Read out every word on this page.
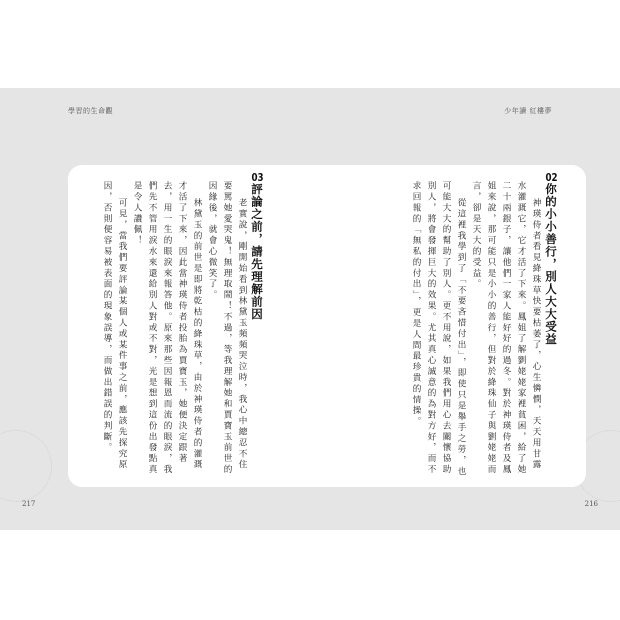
學習的生命觀	少年讀 紅樓夢
02你的小小善行，別人大大受益

神瑛侍者看見絳珠草快要枯萎了，心生憐憫，天天用甘露水灌溉它，它才活了下來。鳳姐了解劉姥姥家裡貧困，給了她二十兩銀子，讓他們一家人能好好的過冬。對於神瑛侍者及鳳姐來說，那可能只是小小的善行，但對於絳珠仙子與劉姥姥而言，卻是天大的受益。

從這裡我學到了「不要吝惜付出」，即使只是舉手之勞，也可能大大的幫助了別人。更不用說，如果我們用心去關懷協助別人，將會發揮巨大的效果。尤其真心誠意的為對方好，而不求回報的「無私的付出」，更是人間最珍貴的情操。

03評論之前，請先理解前因

老實說，剛開始看到林黛玉頻頻哭泣時，我心中總忍不住要罵她愛哭鬼！無理取鬧！不過，等我理解她和賈寶玉前世的因緣後，就會心微笑了。

林黛玉的前世是即將乾枯的絳珠草，由於神瑛侍者的灌溉才活了下來，因此當神瑛侍者投胎為賈寶玉，她便決定跟著去，用一生的眼淚來報答他。原來那些因報恩而流的眼淚，我們先不管用淚水來還給別人對或不對，光是想到這份出發點真是令人讚佩！

可見，當我們要評論某個人或某件事之前，應該先探究原因，否則便容易被表面的現象誤導，而做出錯誤的判斷。

217	216
